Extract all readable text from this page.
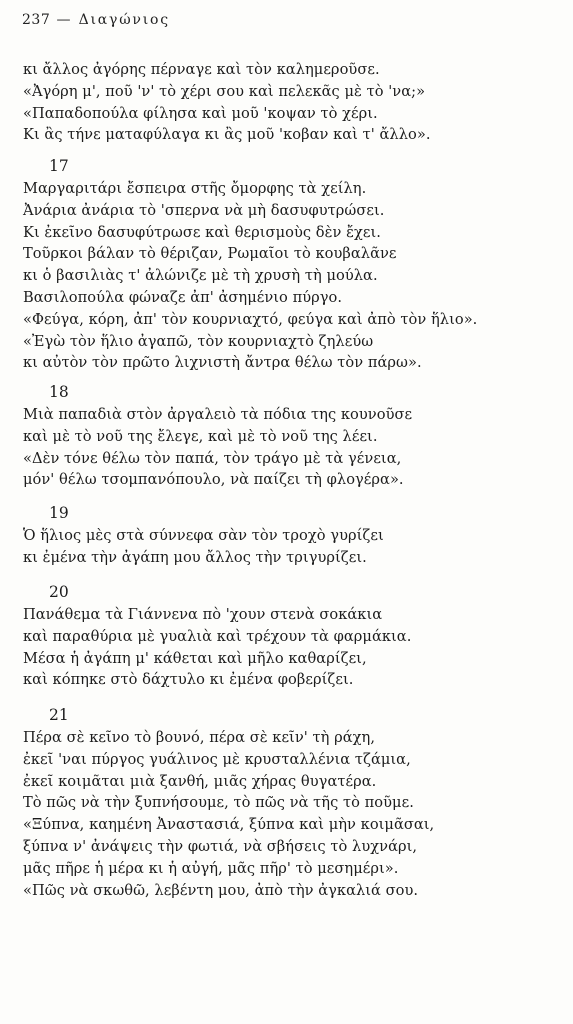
237 — Διαγώνιος
κι ἄλλος ἀγόρης πέρναγε καὶ τὸν καλημεροῦσε.
«Ἀγόρη μ', ποῦ 'ν' τὸ χέρι σου καὶ πελεκᾶς μὲ τὸ 'να;»
«Παπαδοπούλα φίλησα καὶ μοῦ 'κοψαν τὸ χέρι.
Κι ἂς τήνε ματαφύλαγα κι ἂς μοῦ 'κοβαν καὶ τ' ἄλλο».
17
Μαργαριτάρι ἔσπειρα στῆς ὄμορφης τὰ χείλη.
Ἀνάρια ἀνάρια τὸ 'σπερνα νὰ μὴ δασυφυτρώσει.
Κι ἐκεῖνο δασυφύτρωσε καὶ θερισμοὺς δὲν ἔχει.
Τοῦρκοι βάλαν τὸ θέριζαν, Ρωμαῖοι τὸ κουβαλᾶνε
κι ὁ βασιλιὰς τ' ἀλώνιζε μὲ τὴ χρυσὴ τὴ μούλα.
Βασιλοπούλα φώναζε ἀπ' ἀσημένιο πύργο.
«Φεύγα, κόρη, ἀπ' τὸν κουρνιαχτό, φεύγα καὶ ἀπὸ τὸν ἥλιο».
«Ἐγὼ τὸν ἥλιο ἀγαπῶ, τὸν κουρνιαχτὸ ζηλεύω
κι αὐτὸν τὸν πρῶτο λιχνιστὴ ἄντρα θέλω τὸν πάρω».
18
Μιὰ παπαδιὰ στὸν ἀργαλειὸ τὰ πόδια της κουνοῦσε
καὶ μὲ τὸ νοῦ της ἔλεγε, καὶ μὲ τὸ νοῦ της λέει.
«Δὲν τόνε θέλω τὸν παπά, τὸν τράγο μὲ τὰ γένεια,
μόν' θέλω τσομπανόπουλο, νὰ παίζει τὴ φλογέρα».
19
Ὁ ἥλιος μὲς στὰ σύννεφα σὰν τὸν τροχὸ γυρίζει
κι ἐμένα τὴν ἀγάπη μου ἄλλος τὴν τριγυρίζει.
20
Πανάθεμα τὰ Γιάννενα πὸ 'χουν στενὰ σοκάκια
καὶ παραθύρια μὲ γυαλιὰ καὶ τρέχουν τὰ φαρμάκια.
Μέσα ἡ ἀγάπη μ' κάθεται καὶ μῆλο καθαρίζει,
καὶ κόπηκε στὸ δάχτυλο κι ἐμένα φοβερίζει.
21
Πέρα σὲ κεῖνο τὸ βουνό, πέρα σὲ κεῖν' τὴ ράχη,
ἐκεῖ 'ναι πύργος γυάλινος μὲ κρυσταλλένια τζάμια,
ἐκεῖ κοιμᾶται μιὰ ξανθή, μιᾶς χήρας θυγατέρα.
Τὸ πῶς νὰ τὴν ξυπνήσουμε, τὸ πῶς νὰ τῆς τὸ ποῦμε.
«Ξύπνα, καημένη Ἀναστασιά, ξύπνα καὶ μὴν κοιμᾶσαι,
ξύπνα ν' ἀνάψεις τὴν φωτιά, νὰ σβήσεις τὸ λυχνάρι,
μᾶς πῆρε ἡ μέρα κι ἡ αὐγή, μᾶς πῆρ' τὸ μεσημέρι».
«Πῶς νὰ σκωθῶ, λεβέντη μου, ἀπὸ τὴν ἀγκαλιά σου.
